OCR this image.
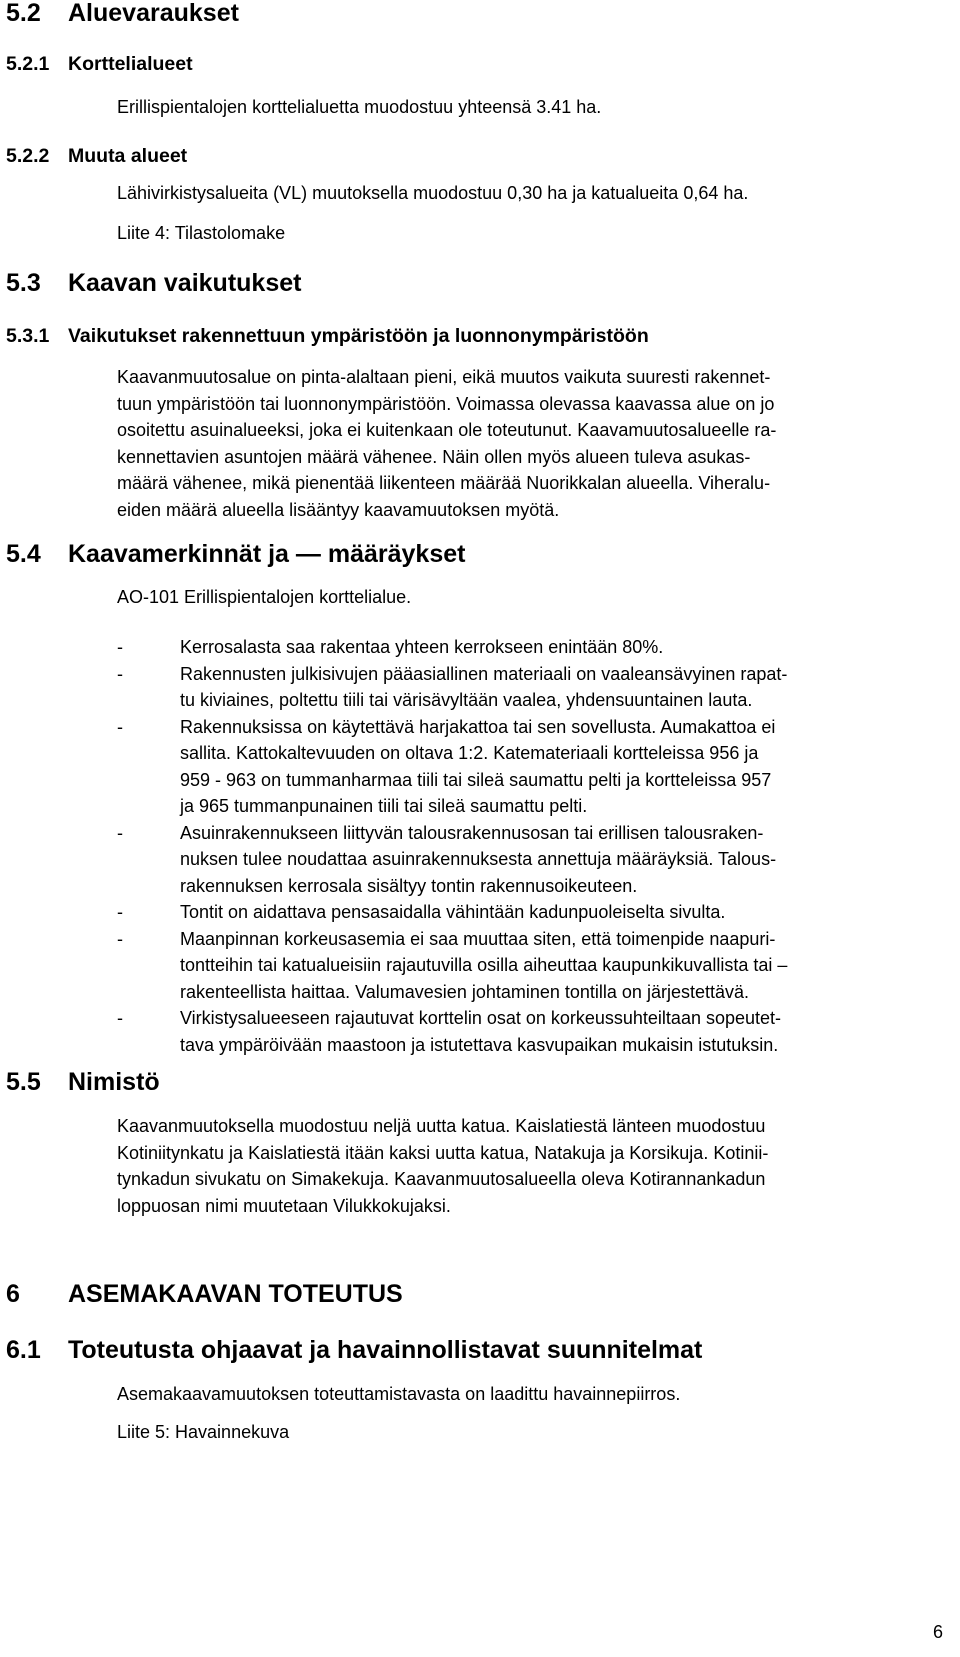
5.2 Aluevaraukset
5.2.1 Korttelialueet
Erillispientalojen korttelialuetta muodostuu yhteensä 3.41 ha.
5.2.2 Muuta alueet
Lähivirkistysalueita (VL) muutoksella muodostuu 0,30 ha ja katualueita 0,64 ha.
Liite 4: Tilastolomake
5.3 Kaavan vaikutukset
5.3.1 Vaikutukset rakennettuun ympäristöön ja luonnonympäristöön
Kaavanmuutosalue on pinta-alaltaan pieni, eikä muutos vaikuta suuresti rakennet-
tuun ympäristöön tai luonnonympäristöön. Voimassa olevassa kaavassa alue on jo
osoitettu asuinalueeksi, joka ei kuitenkaan ole toteutunut. Kaavamuutosalueelle ra-
kennettavien asuntojen määrä vähenee. Näin ollen myös alueen tuleva asukas-
määrä vähenee, mikä pienentää liikenteen määrää Nuorikkalan alueella. Viheralu-
eiden määrä alueella lisääntyy kaavamuutoksen myötä.
5.4 Kaavamerkinnät ja — määräykset
AO-101 Erillispientalojen korttelialue.
-	Kerrosalasta saa rakentaa yhteen kerrokseen enintään 80%.
-	Rakennusten julkisivujen pääasiallinen materiaali on vaaleansävyinen rapat-
tu kiviaines, poltettu tiili tai värisävyltään vaalea, yhdensuuntainen lauta.
-	Rakennuksissa on käytettävä harjakattoa tai sen sovellusta. Aumakattoa ei
sallita. Kattokaltevuuden on oltava 1:2. Katemateriaali kortteleissa 956 ja
959 - 963 on tummanharmaa tiili tai sileä saumattu pelti ja kortteleissa 957
ja 965 tummanpunainen tiili tai sileä saumattu pelti.
-	Asuinrakennukseen liittyvän talousrakennusosan tai erillisen talousraken-
nuksen tulee noudattaa asuinrakennuksesta annettuja määräyksiä. Talous-
rakennuksen kerrosala sisältyy tontin rakennusoikeuteen.
-	Tontit on aidattava pensasaidalla vähintään kadunpuoleiselta sivulta.
-	Maanpinnan korkeusasemia ei saa muuttaa siten, että toimenpide naapuri-
tontteihin tai katualueisiin rajautuvilla osilla aiheuttaa kaupunkikuvallista tai –
rakenteellista haittaa. Valumavesien johtaminen tontilla on järjestettävä.
-	Virkistysalueeseen rajautuvat korttelin osat on korkeussuhteiltaan sopeutet-
tava ympäröivään maastoon ja istutettava kasvupaikan mukaisin istutuksin.
5.5 Nimistö
Kaavanmuutoksella muodostuu neljä uutta katua. Kaislatiestä länteen muodostuu
Kotiniitynkatu ja Kaislatiestä itään kaksi uutta katua, Natakuja ja Korsikuja. Kotinii-
tynkadun sivukatu on Simakekuja. Kaavanmuutosalueella oleva Kotirannankadun
loppuosan nimi muutetaan Vilukkokujaksi.
6 ASEMAKAAVAN TOTEUTUS
6.1 Toteutusta ohjaavat ja havainnollistavat suunnitelmat
Asemakaavamuutoksen toteuttamistavasta on laadittu havainnepiirros.
Liite 5: Havainnekuva
6
